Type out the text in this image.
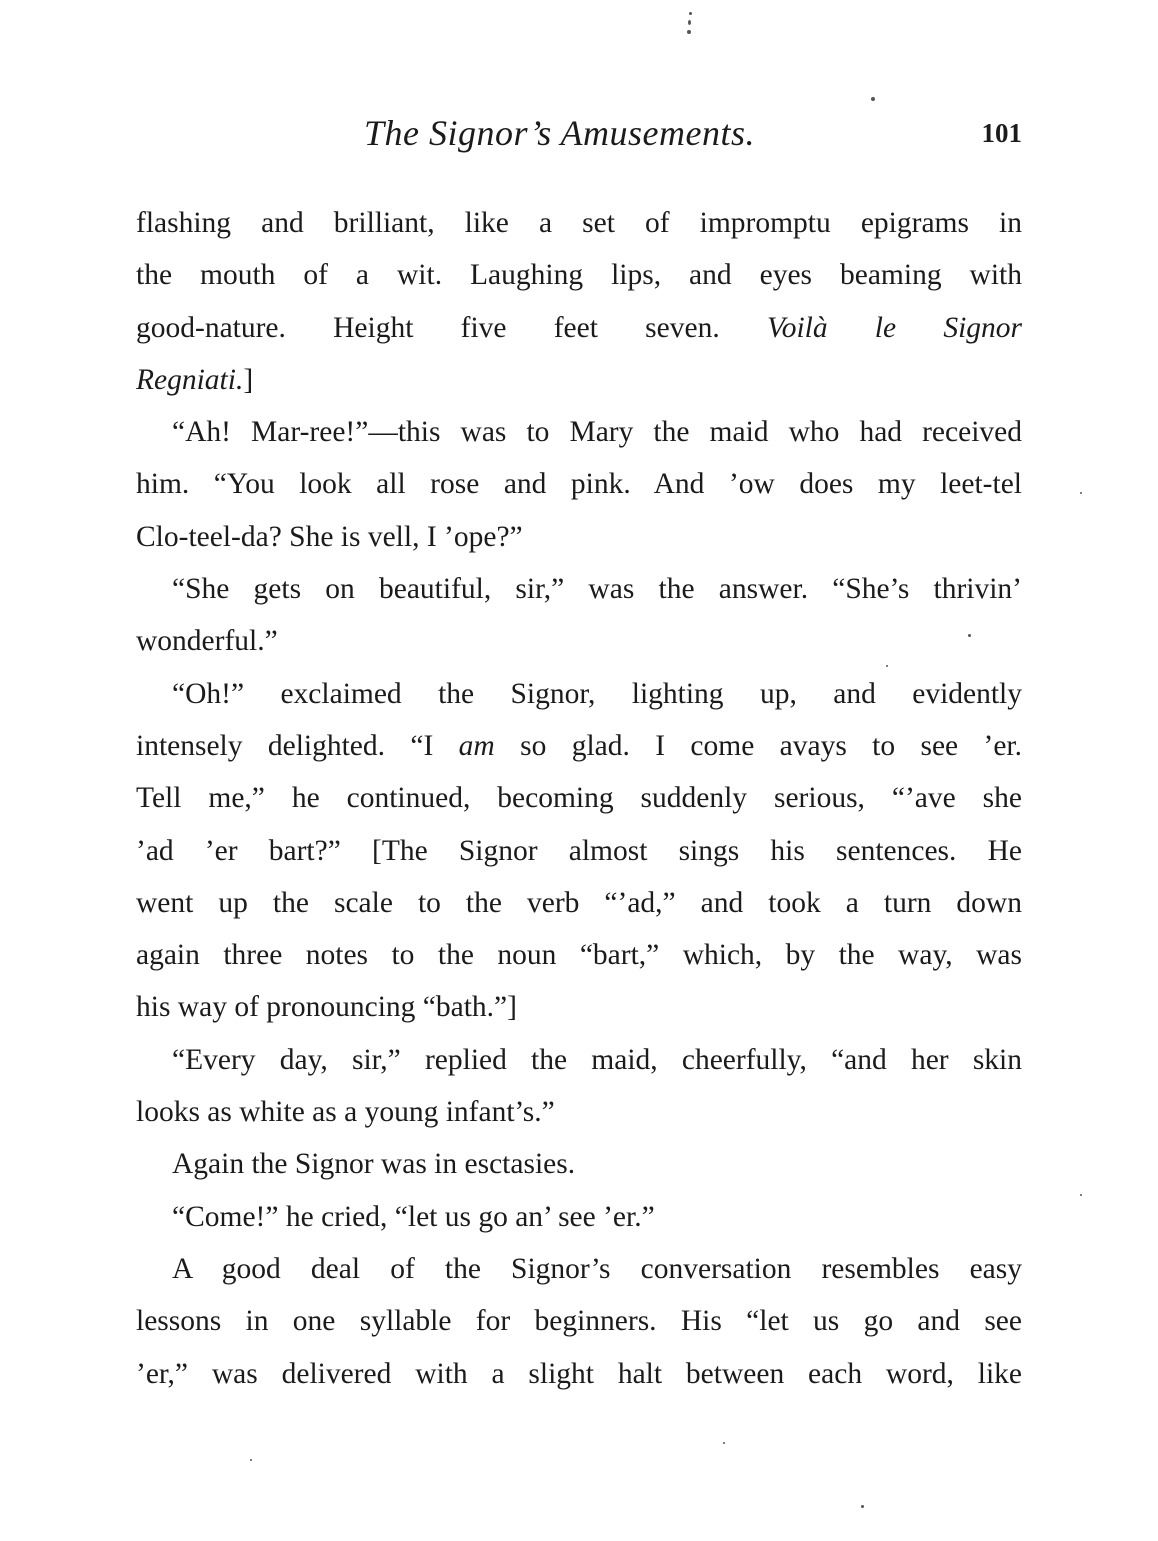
The Signor’s Amusements.	101
flashing and brilliant, like a set of impromptu epigrams in
the mouth of a wit. Laughing lips, and eyes beaming with
good-nature. Height five feet seven. Voilà le Signor
Regniati.]
“Ah! Mar-ree!”—this was to Mary the maid who had received
him. “You look all rose and pink. And ’ow does my leet-tel
Clo-teel-da? She is vell, I ’ope?”
“She gets on beautiful, sir,” was the answer. “She’s thrivin’
wonderful.”
“Oh!” exclaimed the Signor, lighting up, and evidently
intensely delighted. “I am so glad. I come avays to see ’er.
Tell me,” he continued, becoming suddenly serious, “’ave she
’ad ’er bart?” [The Signor almost sings his sentences. He
went up the scale to the verb “’ad,” and took a turn down
again three notes to the noun “bart,” which, by the way, was
his way of pronouncing “bath.”]
“Every day, sir,” replied the maid, cheerfully, “and her skin
looks as white as a young infant’s.”
Again the Signor was in esctasies.
“Come!” he cried, “let us go an’ see ’er.”
A good deal of the Signor’s conversation resembles easy
lessons in one syllable for beginners. His “let us go and see
’er,” was delivered with a slight halt between each word, like
